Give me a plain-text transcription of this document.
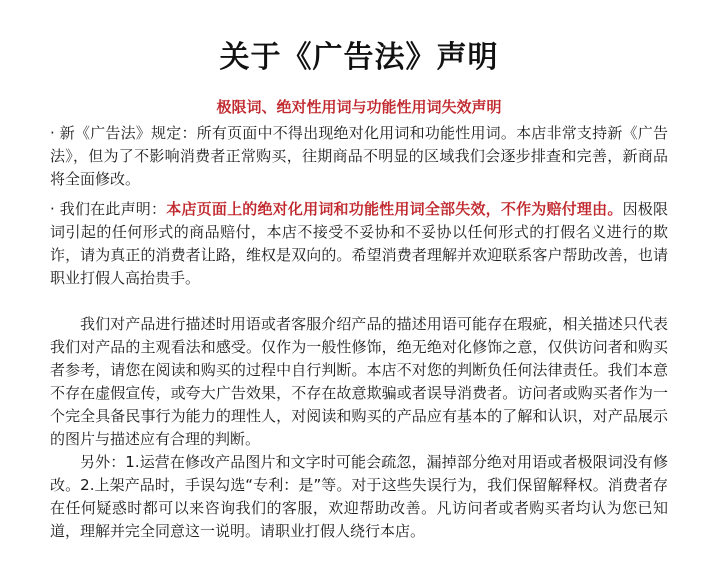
关于《广告法》声明
极限词、绝对性用词与功能性用词失效声明

· 新《广告法》规定：所有页面中不得出现绝对化用词和功能性用词。本店非常支持新《广告法》，但为了不影响消费者正常购买，往期商品不明显的区域我们会逐步排查和完善，新商品将全面修改。

· 我们在此声明：本店页面上的绝对化用词和功能性用词全部失效，不作为赔付理由。因极限词引起的任何形式的商品赔付，本店不接受不妥协和不妥协以任何形式的打假名义进行的欺诈，请为真正的消费者让路，维权是双向的。希望消费者理解并欢迎联系客户帮助改善，也请职业打假人高抬贵手。

我们对产品进行描述时用语或者客服介绍产品的描述用语可能存在瑕疵，相关描述只代表我们对产品的主观看法和感受。仅作为一般性修饰，绝无绝对化修饰之意，仅供访问者和购买者参考，请您在阅读和购买的过程中自行判断。本店不对您的判断负任何法律责任。我们本意不存在虚假宣传，或夸大广告效果，不存在故意欺骗或者误导消费者。访问者或购买者作为一个完全具备民事行为能力的理性人，对阅读和购买的产品应有基本的了解和认识，对产品展示的图片与描述应有合理的判断。

另外：1.运营在修改产品图片和文字时可能会疏忽，漏掉部分绝对用语或者极限词没有修改。2.上架产品时，手误勾选“专利：是”等。对于这些失误行为，我们保留解释权。消费者存在任何疑惑时都可以来咨询我们的客服，欢迎帮助改善。凡访问者或者购买者均认为您已知道，理解并完全同意这一说明。请职业打假人绕行本店。
